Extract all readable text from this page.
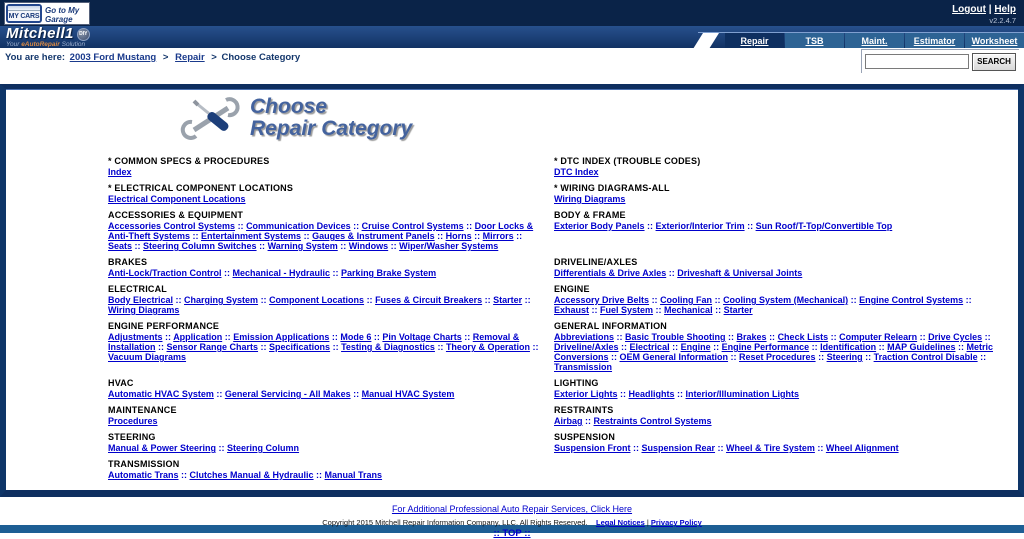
MY CARS
Go to My Garage
Logout | Help
v2.2.4.7
Mitchell1	DIY
Your eAutoRepair Solution	Repair	TSB	Maint.	Estimator	Worksheet
You are here: 2003 Ford Mustang > Repair > Choose Category	SEARCH
Choose
Repair Category
* COMMON SPECS & PROCEDURES
Index
* DTC INDEX (TROUBLE CODES)
DTC Index
* ELECTRICAL COMPONENT LOCATIONS
Electrical Component Locations
* WIRING DIAGRAMS-ALL
Wiring Diagrams
ACCESSORIES & EQUIPMENT
Accessories Control Systems :: Communication Devices :: Cruise Control Systems :: Door Locks & Anti-Theft Systems :: Entertainment Systems :: Gauges & Instrument Panels :: Horns :: Mirrors :: Seats :: Steering Column Switches :: Warning System :: Windows :: Wiper/Washer Systems
BODY & FRAME
Exterior Body Panels :: Exterior/Interior Trim :: Sun Roof/T-Top/Convertible Top
BRAKES
Anti-Lock/Traction Control :: Mechanical - Hydraulic :: Parking Brake System
DRIVELINE/AXLES
Differentials & Drive Axles :: Driveshaft & Universal Joints
ELECTRICAL
Body Electrical :: Charging System :: Component Locations :: Fuses & Circuit Breakers :: Starter :: Wiring Diagrams
ENGINE
Accessory Drive Belts :: Cooling Fan :: Cooling System (Mechanical) :: Engine Control Systems :: Exhaust :: Fuel System :: Mechanical :: Starter
ENGINE PERFORMANCE
Adjustments :: Application :: Emission Applications :: Mode 6 :: Pin Voltage Charts :: Removal & Installation :: Sensor Range Charts :: Specifications :: Testing & Diagnostics :: Theory & Operation :: Vacuum Diagrams
GENERAL INFORMATION
Abbreviations :: Basic Trouble Shooting :: Brakes :: Check Lists :: Computer Relearn :: Drive Cycles :: Driveline/Axles :: Electrical :: Engine :: Engine Performance :: Identification :: MAP Guidelines :: Metric Conversions :: OEM General Information :: Reset Procedures :: Steering :: Traction Control Disable :: Transmission
HVAC
Automatic HVAC System :: General Servicing - All Makes :: Manual HVAC System
LIGHTING
Exterior Lights :: Headlights :: Interior/Illumination Lights
MAINTENANCE
Procedures
RESTRAINTS
Airbag :: Restraints Control Systems
STEERING
Manual & Power Steering :: Steering Column
SUSPENSION
Suspension Front :: Suspension Rear :: Wheel & Tire System :: Wheel Alignment
TRANSMISSION
Automatic Trans :: Clutches Manual & Hydraulic :: Manual Trans
For Additional Professional Auto Repair Services, Click Here
Copyright 2015 Mitchell Repair Information Company, LLC. All Rights Reserved. Legal Notices | Privacy Policy
:: TOP ::
